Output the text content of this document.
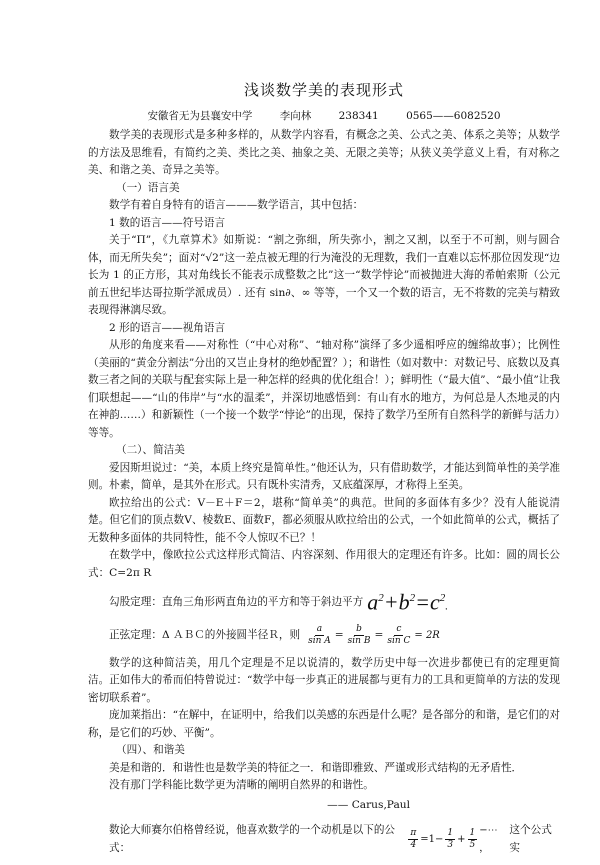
浅谈数学美的表现形式
安徽省无为县襄安中学	李向林	238341	0565——6082520

数学美的表现形式是多种多样的，从数学内容看，有概念之美、公式之美、体系之美等；从数学的方法及思维看，有简约之美、类比之美、抽象之美、无限之美等；从狭义美学意义上看，有对称之美、和谐之美、奇异之美等。

（一）语言美

数学有着自身特有的语言———数学语言，其中包括：

1 数的语言——符号语言

关于“Π”，《九章算术》如斯说：“割之弥细，所失弥小，割之又割，以至于不可割，则与圆合体，而无所失矣”；面对“√2”这一差点被无理的行为淹没的无理数，我们一直难以忘怀那位因发现“边长为 1 的正方形，其对角线长不能表示成整数之比”这一“数学悖论”而被抛进大海的希帕索斯（公元前五世纪毕达哥拉斯学派成员）. 还有 sin∂、∞ 等等，一个又一个数的语言，无不将数的完美与精致表现得淋漓尽致。

2 形的语言——视角语言

从形的角度来看——对称性（“中心对称”、“轴对称”演绎了多少遥相呼应的缠绵故事）；比例性（美丽的“黄金分割法”分出的又岂止身材的绝妙配置？）；和谐性（如对数中：对数记号、底数以及真数三者之间的关联与配套实际上是一种怎样的经典的优化组合！）；鲜明性（“最大值”、“最小值”让我们联想起——“山的伟岸”与“水的温柔”，并深切地感悟到：有山有水的地方，为何总是人杰地灵的内在神韵……）和新颖性（一个接一个数学“悖论”的出现，保持了数学乃至所有自然科学的新鲜与活力）等等。

（二）、简洁美

爱因斯坦说过：“美，本质上终究是简单性。”他还认为，只有借助数学，才能达到简单性的美学准则。朴素，简单，是其外在形式。只有既朴实清秀，又底蕴深厚，才称得上至美。

欧拉给出的公式：V－E＋F＝2，堪称“简单美”的典范。世间的多面体有多少？没有人能说清楚。但它们的顶点数V、棱数E、面数F，都必须服从欧拉给出的公式，一个如此简单的公式，概括了无数种多面体的共同特性，能不令人惊叹不已？！

在数学中，像欧拉公式这样形式简洁、内容深刻、作用很大的定理还有许多。比如：圆的周长公式：C=2π R

勾股定理：直角三角形两直角边的平方和等于斜边平方 $a^2+b^2=c^2$.
正弦定理：Δ ＡＢＣ的外接圆半径Ｒ，则 $\frac{a}{\text{sin A}} = \frac{b}{\text{sin B}} = \frac{c}{\text{sin C}} = 2R$

数学的这种简洁美，用几个定理是不足以说清的，数学历史中每一次进步都使已有的定理更简洁。正如伟大的希而伯特曾说过：“数学中每一步真正的进展都与更有力的工具和更简单的方法的发现密切联系着”。

庞加莱指出：“在解中，在证明中，给我们以美感的东西是什么呢？是各部分的和谐，是它们的对称，是它们的巧妙、平衡”。

（四）、和谐美

美是和谐的．和谐性也是数学美的特征之一．和谐即雅致、严谨或形式结构的无矛盾性．

没有那门学科能比数学更为清晰的阐明自然界的和谐性。

—— Carus,Paul
数论大师赛尔伯格曾经说，他喜欢数学的一个动机是以下的公式：	$\frac{\pi}{4} =1- \frac{1}{3} + \frac{1}{5}$ −⋯ ，
这个公式实
